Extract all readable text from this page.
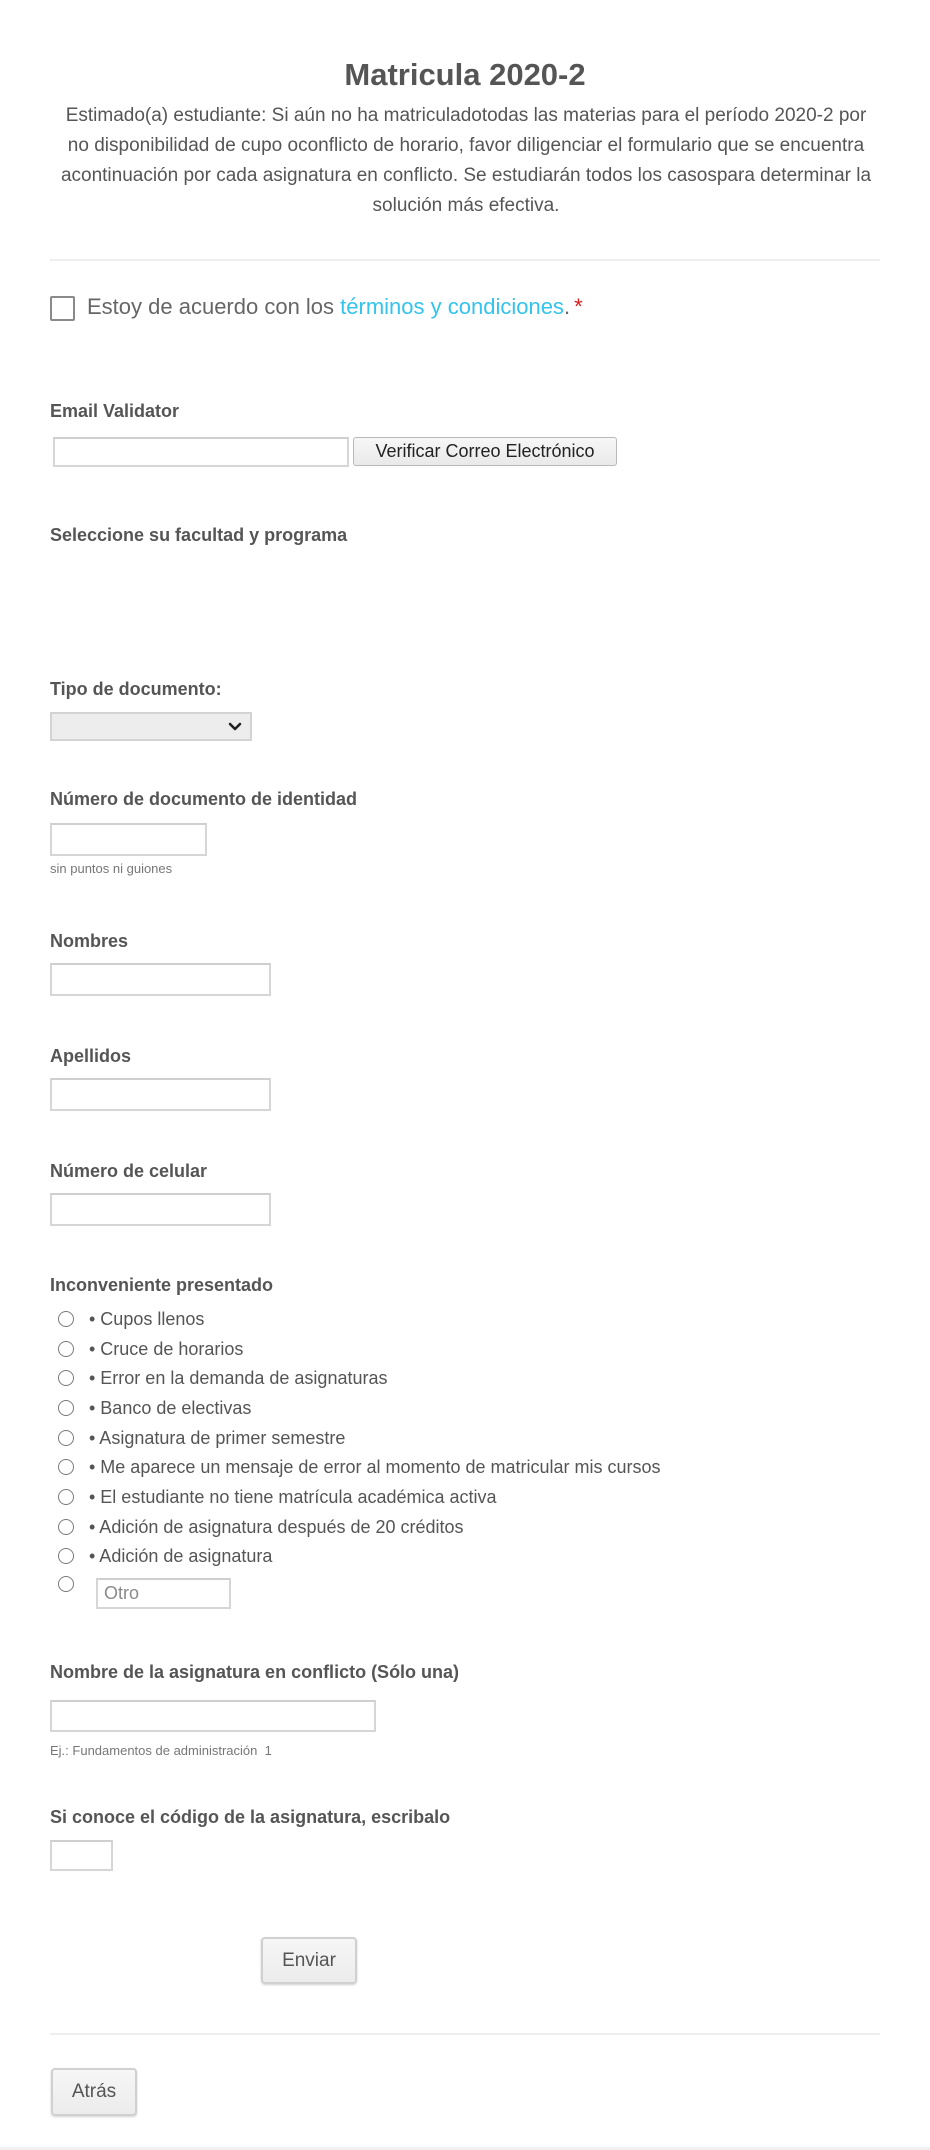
Matricula 2020-2

Estimado(a) estudiante: Si aún no ha matriculadotodas las materias para el período 2020-2 por no disponibilidad de cupo oconflicto de horario, favor diligenciar el formulario que se encuentra acontinuación por cada asignatura en conflicto. Se estudiarán todos los casospara determinar la solución más efectiva.

Estoy de acuerdo con los términos y condiciones. *
Email Validator
Verificar Correo Electrónico
Seleccione su facultad y programa
Tipo de documento:
Número de documento de identidad
sin puntos ni guiones
Nombres
Apellidos
Número de celular
Inconveniente presentado
• Cupos llenos
• Cruce de horarios
• Error en la demanda de asignaturas
• Banco de electivas
• Asignatura de primer semestre
• Me aparece un mensaje de error al momento de matricular mis cursos
• El estudiante no tiene matrícula académica activa
• Adición de asignatura después de 20 créditos
• Adición de asignatura
Otro
Nombre de la asignatura en conflicto (Sólo una)
Ej.: Fundamentos de administración  1
Si conoce el código de la asignatura, escribalo
Enviar
Atrás
